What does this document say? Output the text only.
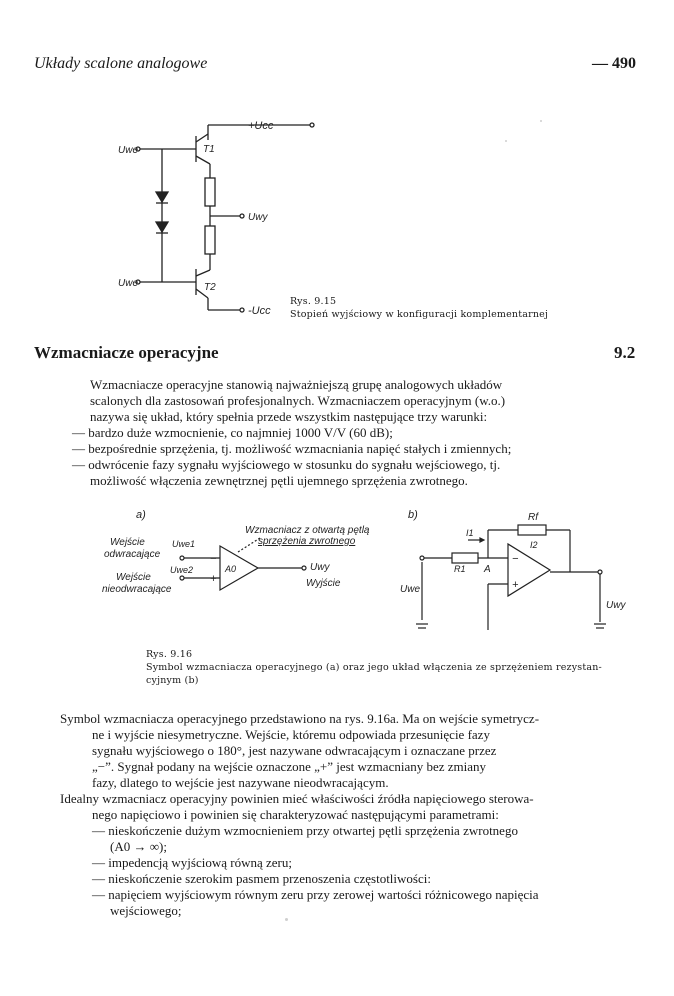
Układy scalone analogowe	— 490
+Ucc
Uwe	T1
Uwy
Uwe	T2
-Ucc
Rys. 9.15
Stopień wyjściowy w konfiguracji komplementarnej
Wzmacniacze operacyjne	9.2
Wzmacniacze operacyjne stanowią najważniejszą grupę analogowych układów
scalonych dla zastosowań profesjonalnych. Wzmacniaczem operacyjnym (w.o.)
nazywa się układ, który spełnia przede wszystkim następujące trzy warunki:
— bardzo duże wzmocnienie, co najmniej 1000 V/V (60 dB);
— bezpośrednie sprzężenia, tj. możliwość wzmacniania napięć stałych i zmiennych;
— odwrócenie fazy sygnału wyjściowego w stosunku do sygnału wejściowego, tj.
możliwość włączenia zewnętrznej pętli ujemnego sprzężenia zwrotnego.
a)
Wzmacniacz z otwartą pętlą
sprzężenia zwrotnego
Wejście
odwracające
Uwe1
Uwe2
Wejście
nieodwracające
−
+
A0	Uwy
Wyjście
b)	Rf
I1
I2
R1 A
−
+
Uwe
Uwy
Rys. 9.16
Symbol wzmacniacza operacyjnego (a) oraz jego układ włączenia ze sprzężeniem rezystan-
cyjnym (b)
Symbol wzmacniacza operacyjnego przedstawiono na rys. 9.16a. Ma on wejście symetrycz-
ne i wyjście niesymetryczne. Wejście, któremu odpowiada przesunięcie fazy
sygnału wyjściowego o 180°, jest nazywane odwracającym i oznaczane przez
„−”. Sygnał podany na wejście oznaczone „+” jest wzmacniany bez zmiany
fazy, dlatego to wejście jest nazywane nieodwracającym.
Idealny wzmacniacz operacyjny powinien mieć właściwości źródła napięciowego sterowa-
nego napięciowo i powinien się charakteryzować następującymi parametrami:
— nieskończenie dużym wzmocnieniem przy otwartej pętli sprzężenia zwrotnego
(A0 → ∞);
— impedencją wyjściową równą zeru;
— nieskończenie szerokim pasmem przenoszenia częstotliwości:
— napięciem wyjściowym równym zeru przy zerowej wartości różnicowego napięcia
wejściowego;
